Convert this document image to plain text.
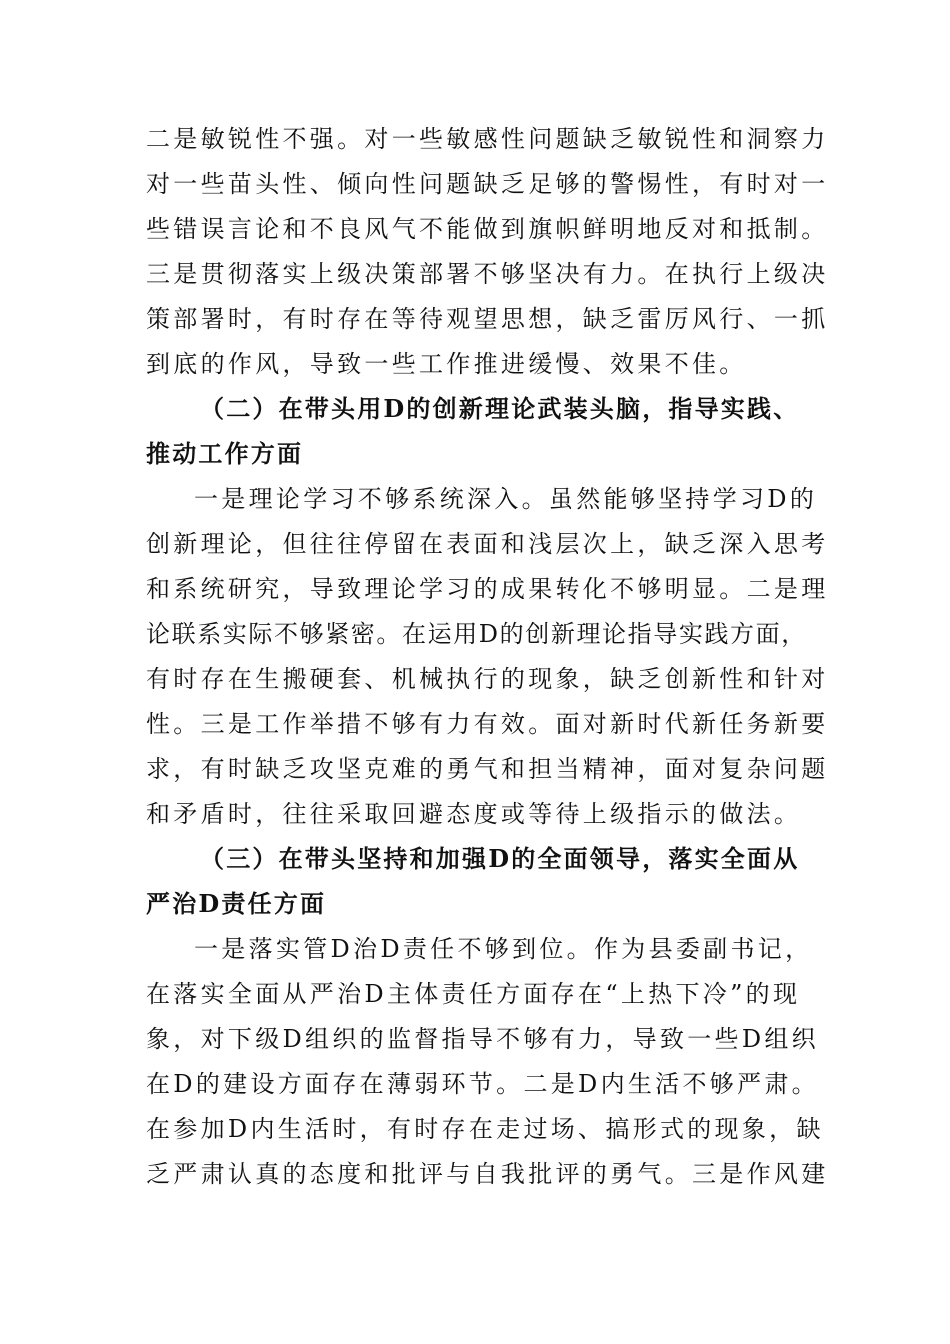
二是敏锐性不强。对一些敏感性问题缺乏敏锐性和洞察力
对一些苗头性、倾向性问题缺乏足够的警惕性，有时对一
些错误言论和不良风气不能做到旗帜鲜明地反对和抵制。
三是贯彻落实上级决策部署不够坚决有力。在执行上级决
策部署时，有时存在等待观望思想，缺乏雷厉风行、一抓
到底的作风，导致一些工作推进缓慢、效果不佳。
（二）在带头用D的创新理论武装头脑，指导实践、
推动工作方面
一是理论学习不够系统深入。虽然能够坚持学习D的
创新理论，但往往停留在表面和浅层次上，缺乏深入思考
和系统研究，导致理论学习的成果转化不够明显。二是理
论联系实际不够紧密。在运用D的创新理论指导实践方面，
有时存在生搬硬套、机械执行的现象，缺乏创新性和针对
性。三是工作举措不够有力有效。面对新时代新任务新要
求，有时缺乏攻坚克难的勇气和担当精神，面对复杂问题
和矛盾时，往往采取回避态度或等待上级指示的做法。
（三）在带头坚持和加强D的全面领导，落实全面从
严治D责任方面
一是落实管D治D责任不够到位。作为县委副书记，
在落实全面从严治D主体责任方面存在“上热下冷”的现
象，对下级D组织的监督指导不够有力，导致一些D组织
在D的建设方面存在薄弱环节。二是D内生活不够严肃。
在参加D内生活时，有时存在走过场、搞形式的现象，缺
乏严肃认真的态度和批评与自我批评的勇气。三是作风建
